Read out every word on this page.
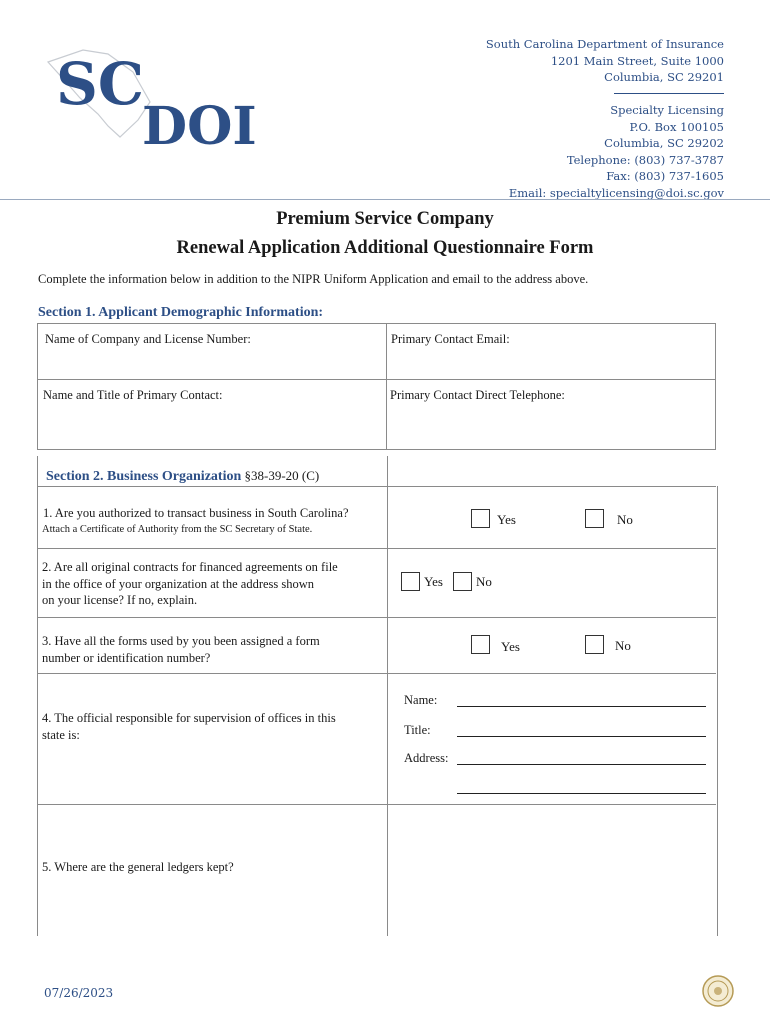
SC
DOI
South Carolina Department of Insurance
1201 Main Street, Suite 1000
Columbia, SC 29201
Specialty Licensing
P.O. Box 100105
Columbia, SC 29202
Telephone: (803) 737-3787
Fax: (803) 737-1605
Email: specialtylicensing@doi.sc.gov
Premium Service Company
Renewal Application Additional Questionnaire Form
Complete the information below in addition to the NIPR Uniform Application and email to the address above.
Section 1. Applicant Demographic Information:
Name of Company and License Number:	Primary Contact Email:
Name and Title of Primary Contact:	Primary Contact Direct Telephone:
Section 2. Business Organization §38-39-20 (C)
1. Are you authorized to transact business in South Carolina?
Attach a Certificate of Authority from the SC Secretary of State.
Yes	No
2. Are all original contracts for financed agreements on file
in the office of your organization at the address shown
on your license? If no, explain.
Yes	No
3. Have all the forms used by you been assigned a form
number or identification number?
Yes	No
4. The official responsible for supervision of offices in this
state is:
Name:
Title:
Address:
5. Where are the general ledgers kept?
07/26/2023
